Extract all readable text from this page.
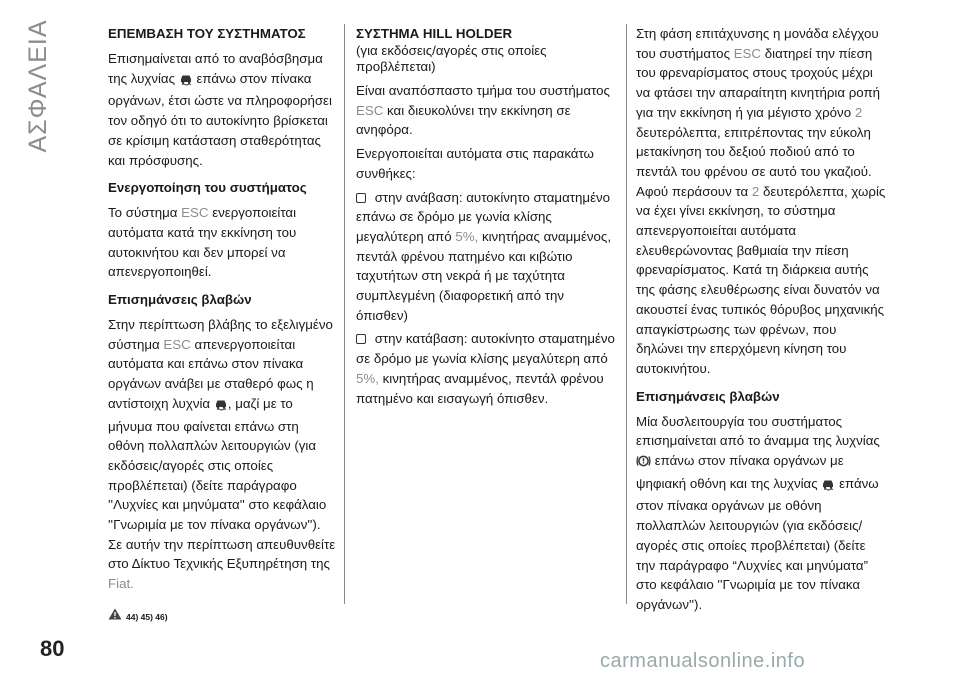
ΑΣΦΑΛΕΙΑ
80
ΕΠΕΜΒΑΣΗ ΤΟΥ ΣΥΣΤΗΜΑΤΟΣ

Επισημαίνεται από το αναβόσβησμα της λυχνίας επάνω στον πίνακα οργάνων, έτσι ώστε να πληροφορήσει τον οδηγό ότι το αυτοκίνητο βρίσκεται σε κρίσιμη κατάσταση σταθερότητας και πρόσφυσης.

Ενεργοποίηση του συστήματος

Το σύστημα ESC ενεργοποιείται αυτόματα κατά την εκκίνηση του αυτοκινήτου και δεν μπορεί να απενεργοποιηθεί.

Επισημάνσεις βλαβών

Στην περίπτωση βλάβης το εξελιγμένο σύστημα ESC απενεργοποιείται αυτόματα και επάνω στον πίνακα οργάνων ανάβει με σταθερό φως η αντίστοιχη λυχνία , μαζί με το μήνυμα που φαίνεται επάνω στη οθόνη πολλαπλών λειτουργιών (για εκδόσεις/αγορές στις οποίες προβλέπεται) (δείτε παράγραφο ''Λυχνίες και μηνύματα'' στο κεφάλαιο ''Γνωριμία με τον πίνακα οργάνων''). Σε αυτήν την περίπτωση απευθυνθείτε στο Δίκτυο Τεχνικής Εξυπηρέτηση της Fiat.

44) 45) 46)
ΣΥΣΤΗΜΑ HILL HOLDER
(για εκδόσεις/αγορές στις οποίες προβλέπεται)

Είναι αναπόσπαστο τμήμα του συστήματος ESC και διευκολύνει την εκκίνηση σε ανηφόρα.

Ενεργοποιείται αυτόματα στις παρακάτω συνθήκες:

στην ανάβαση: αυτοκίνητο σταματημένο επάνω σε δρόμο με γωνία κλίσης μεγαλύτερη από 5%, κινητήρας αναμμένος, πεντάλ φρένου πατημένο και κιβώτιο ταχυτήτων στη νεκρά ή με ταχύτητα συμπλεγμένη (διαφορετική από την όπισθεν)

στην κατάβαση: αυτοκίνητο σταματημένο σε δρόμο με γωνία κλίσης μεγαλύτερη από 5%, κινητήρας αναμμένος, πεντάλ φρένου πατημένο και εισαγωγή όπισθεν.

Στη φάση επιτάχυνσης η μονάδα ελέγχου του συστήματος ESC διατηρεί την πίεση του φρεναρίσματος στους τροχούς μέχρι να φτάσει την απαραίτητη κινητήρια ροπή για την εκκίνηση ή για μέγιστο χρόνο 2 δευτερόλεπτα, επιτρέποντας την εύκολη μετακίνηση του δεξιού ποδιού από το πεντάλ του φρένου σε αυτό του γκαζιού. Αφού περάσουν τα 2 δευτερόλεπτα, χωρίς να έχει γίνει εκκίνηση, το σύστημα απενεργοποιείται αυτόματα ελευθερώνοντας βαθμιαία την πίεση φρεναρίσματος. Κατά τη διάρκεια αυτής της φάσης ελευθέρωσης είναι δυνατόν να ακουστεί ένας τυπικός θόρυβος μηχανικής απαγκίστρωσης των φρένων, που δηλώνει την επερχόμενη κίνηση του αυτοκινήτου.

Επισημάνσεις βλαβών

Μία δυσλειτουργία του συστήματος επισημαίνεται από το άναμμα της λυχνίας  επάνω στον πίνακα οργάνων με ψηφιακή οθόνη και της λυχνίας επάνω στον πίνακα οργάνων με οθόνη πολλαπλών λειτουργιών (για εκδόσεις/αγορές στις οποίες προβλέπεται) (δείτε την παράγραφο “Λυχνίες και μηνύματα” στο κεφάλαιο ''Γνωριμία με τον πίνακα οργάνων'').

carmanualsonline.info
